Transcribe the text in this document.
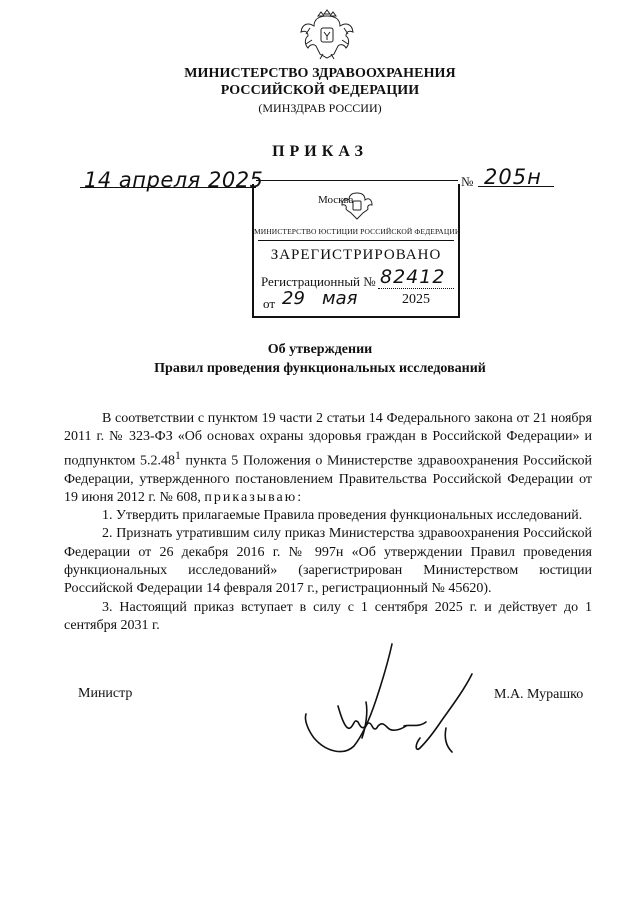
МИНИСТЕРСТВО ЗДРАВООХРАНЕНИЯ
РОССИЙСКОЙ ФЕДЕРАЦИИ
(МИНЗДРАВ РОССИИ)
ПРИКАЗ
14 апреля 2025	№ 205н
Москва
МИНИСТЕРСТВО ЮСТИЦИИ РОССИЙСКОЙ ФЕДЕРАЦИИ
ЗАРЕГИСТРИРОВАНО
Регистрационный № 82412
от 29 мая	2025
Об утверждении
Правил проведения функциональных исследований

В соответствии с пунктом 19 части 2 статьи 14 Федерального закона от 21 ноября 2011 г. № 323-ФЗ «Об основах охраны здоровья граждан в Российской Федерации» и подпунктом 5.2.48$^1$ пункта 5 Положения о Министерстве здравоохранения Российской Федерации, утвержденного постановлением Правительства Российской Федерации от 19 июня 2012 г. № 608, приказываю:

1. Утвердить прилагаемые Правила проведения функциональных исследований.

2. Признать утратившим силу приказ Министерства здравоохранения Российской Федерации от 26 декабря 2016 г. № 997н «Об утверждении Правил проведения функциональных исследований» (зарегистрирован Министерством юстиции Российской Федерации 14 февраля 2017 г., регистрационный № 45620).

3. Настоящий приказ вступает в силу с 1 сентября 2025 г. и действует до 1 сентября 2031 г.

Министр	М.А. Мурашко
